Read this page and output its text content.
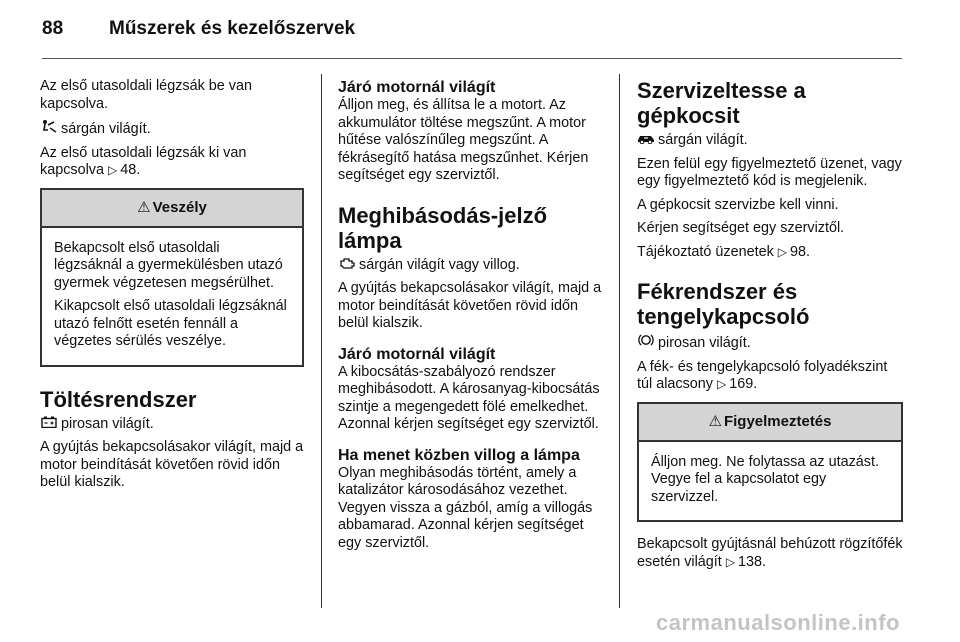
88 Műszerek és kezelőszervek

Az első utasoldali légzsák be van kapcsolva.

sárgán világít.

Az első utasoldali légzsák ki van kapcsolva ▷ 48.

⚠ Veszély

Bekapcsolt első utasoldali légzsáknál a gyermekülésben utazó gyermek végzetesen megsérülhet.

Kikapcsolt első utasoldali légzsáknál utazó felnőtt esetén fennáll a végzetes sérülés veszélye.

Töltésrendszer

pirosan világít.

A gyújtás bekapcsolásakor világít, majd a motor beindítását követően rövid időn belül kialszik.

Járó motornál világít

Álljon meg, és állítsa le a motort. Az akkumulátor töltése megszűnt. A motor hűtése valószínűleg megszűnt. A fékrásegítő hatása megszűnhet. Kérjen segítséget egy szerviztől.

Meghibásodás-jelző lámpa

sárgán világít vagy villog.

A gyújtás bekapcsolásakor világít, majd a motor beindítását követően rövid időn belül kialszik.

Járó motornál világít

A kibocsátás-szabályozó rendszer meghibásodott. A károsanyag-kibocsátás szintje a megengedett fölé emelkedhet. Azonnal kérjen segítséget egy szerviztől.

Ha menet közben villog a lámpa

Olyan meghibásodás történt, amely a katalizátor károsodásához vezethet. Vegyen vissza a gázból, amíg a villogás abbamarad. Azonnal kérjen segítséget egy szerviztől.

Szervizeltesse a gépkocsit

sárgán világít.

Ezen felül egy figyelmeztető üzenet, vagy egy figyelmeztető kód is megjelenik.

A gépkocsit szervizbe kell vinni.

Kérjen segítséget egy szerviztől.

Tájékoztató üzenetek ▷ 98.

Fékrendszer és tengelykapcsoló

pirosan világít.

A fék- és tengelykapcsoló folyadékszint túl alacsony ▷ 169.

⚠ Figyelmeztetés

Álljon meg. Ne folytassa az utazást. Vegye fel a kapcsolatot egy szervizzel.

Bekapcsolt gyújtásnál behúzott rögzítőfék esetén világít ▷ 138.

carmanualsonline.info
